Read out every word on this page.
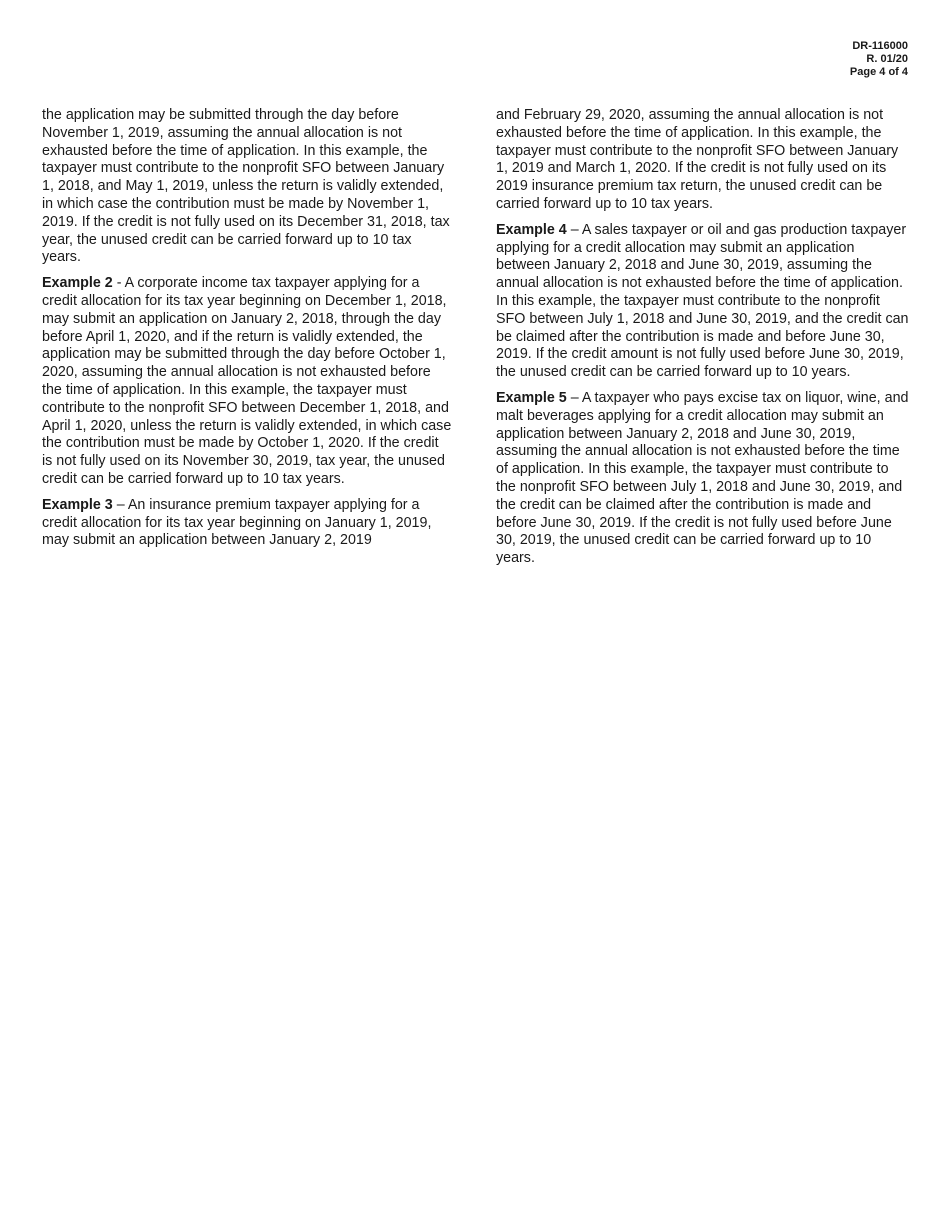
DR-116000
R. 01/20
Page 4 of 4

the application may be submitted through the day before November 1, 2019, assuming the annual allocation is not exhausted before the time of application. In this example, the taxpayer must contribute to the nonprofit SFO between January 1, 2018, and May 1, 2019, unless the return is validly extended, in which case the contribution must be made by November 1, 2019. If the credit is not fully used on its December 31, 2018, tax year, the unused credit can be carried forward up to 10 tax years.

Example 2 - A corporate income tax taxpayer applying for a credit allocation for its tax year beginning on December 1, 2018, may submit an application on January 2, 2018, through the day before April 1, 2020, and if the return is validly extended, the application may be submitted through the day before October 1, 2020, assuming the annual allocation is not exhausted before the time of application. In this example, the taxpayer must contribute to the nonprofit SFO between December 1, 2018, and April 1, 2020, unless the return is validly extended, in which case the contribution must be made by October 1, 2020. If the credit is not fully used on its November 30, 2019, tax year, the unused credit can be carried forward up to 10 tax years.

Example 3 – An insurance premium taxpayer applying for a credit allocation for its tax year beginning on January 1, 2019, may submit an application between January 2, 2019

and February 29, 2020, assuming the annual allocation is not exhausted before the time of application. In this example, the taxpayer must contribute to the nonprofit SFO between January 1, 2019 and March 1, 2020. If the credit is not fully used on its 2019 insurance premium tax return, the unused credit can be carried forward up to 10 tax years.

Example 4 – A sales taxpayer or oil and gas production taxpayer applying for a credit allocation may submit an application between January 2, 2018 and June 30, 2019, assuming the annual allocation is not exhausted before the time of application. In this example, the taxpayer must contribute to the nonprofit SFO between July 1, 2018 and June 30, 2019, and the credit can be claimed after the contribution is made and before June 30, 2019. If the credit amount is not fully used before June 30, 2019, the unused credit can be carried forward up to 10 years.

Example 5 – A taxpayer who pays excise tax on liquor, wine, and malt beverages applying for a credit allocation may submit an application between January 2, 2018 and June 30, 2019, assuming the annual allocation is not exhausted before the time of application. In this example, the taxpayer must contribute to the nonprofit SFO between July 1, 2018 and June 30, 2019, and the credit can be claimed after the contribution is made and before June 30, 2019. If the credit is not fully used before June 30, 2019, the unused credit can be carried forward up to 10 years.
